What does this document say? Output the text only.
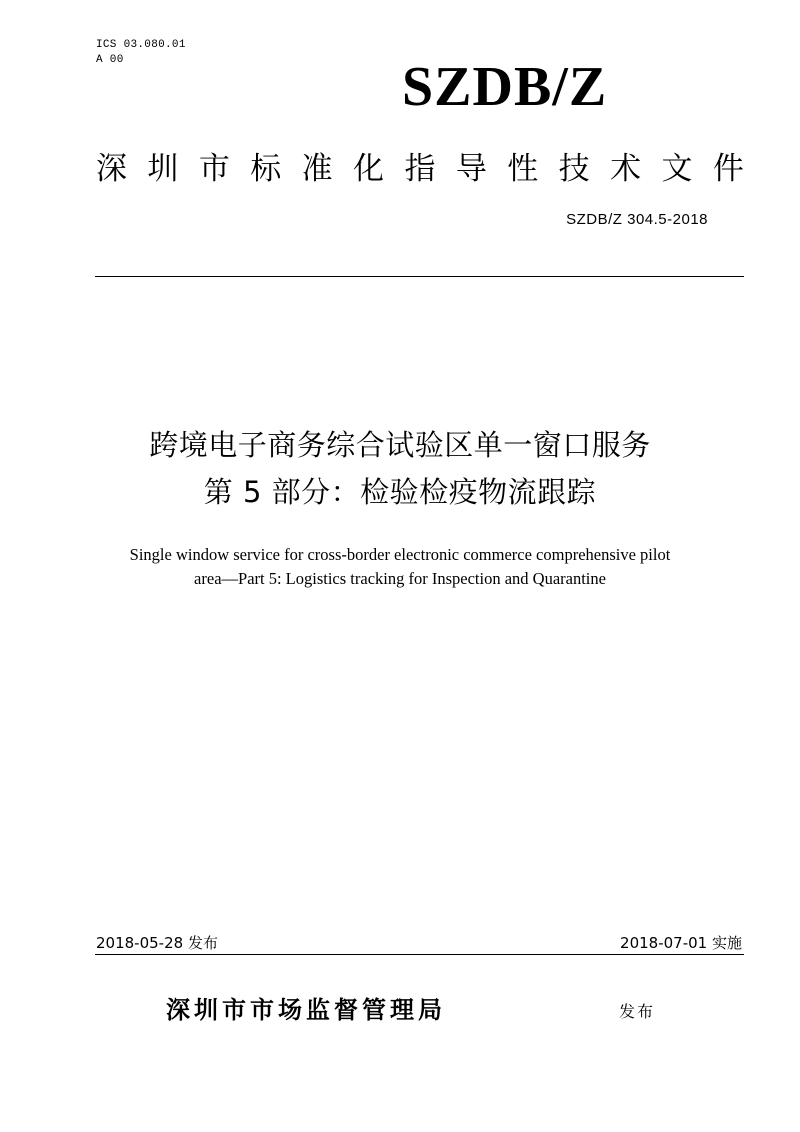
ICS 03.080.01
A 00	SZDB/Z
深 圳 市 标 准 化 指 导 性 技 术 文 件
SZDB/Z 304.5-2018
跨境电子商务综合试验区单一窗口服务
第 5 部分：检验检疫物流跟踪
Single window service for cross-border electronic commerce comprehensive pilot
area—Part 5: Logistics tracking for Inspection and Quarantine
2018-05-28 发布	2018-07-01 实施
深圳市市场监督管理局	发布
